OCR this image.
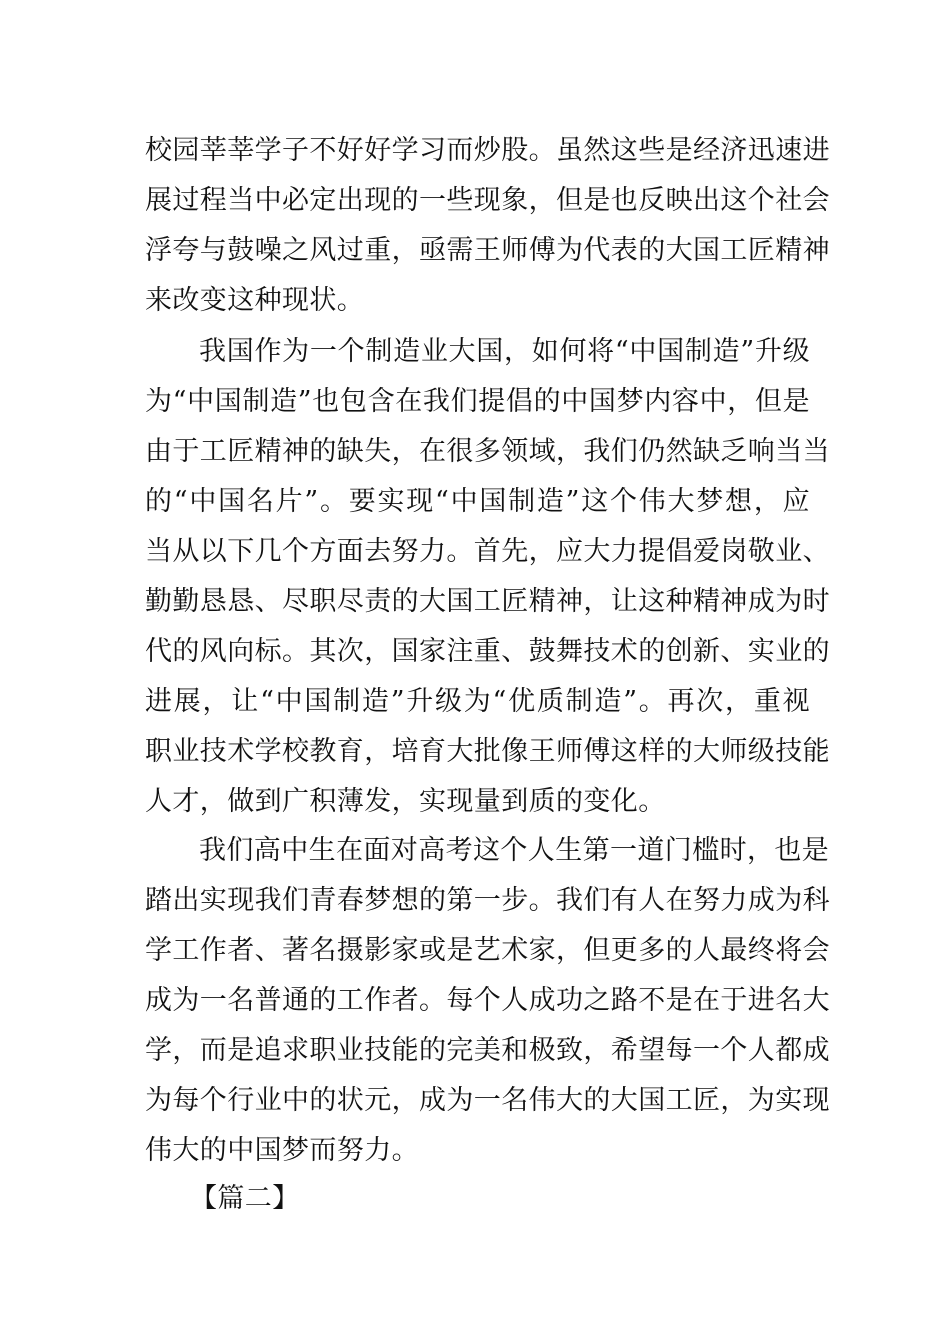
校园莘莘学子不好好学习而炒股。虽然这些是经济迅速进
展过程当中必定出现的一些现象，但是也反映出这个社会
浮夸与鼓噪之风过重，亟需王师傅为代表的大国工匠精神
来改变这种现状。
我国作为一个制造业大国，如何将“中国制造”升级
为“中国制造”也包含在我们提倡的中国梦内容中，但是
由于工匠精神的缺失，在很多领域，我们仍然缺乏响当当
的“中国名片”。要实现“中国制造”这个伟大梦想，应
当从以下几个方面去努力。首先，应大力提倡爱岗敬业、
勤勤恳恳、尽职尽责的大国工匠精神，让这种精神成为时
代的风向标。其次，国家注重、鼓舞技术的创新、实业的
进展，让“中国制造”升级为“优质制造”。再次，重视
职业技术学校教育，培育大批像王师傅这样的大师级技能
人才，做到广积薄发，实现量到质的变化。
我们高中生在面对高考这个人生第一道门槛时，也是
踏出实现我们青春梦想的第一步。我们有人在努力成为科
学工作者、著名摄影家或是艺术家，但更多的人最终将会
成为一名普通的工作者。每个人成功之路不是在于进名大
学，而是追求职业技能的完美和极致，希望每一个人都成
为每个行业中的状元，成为一名伟大的大国工匠，为实现
伟大的中国梦而努力。
【篇二】
